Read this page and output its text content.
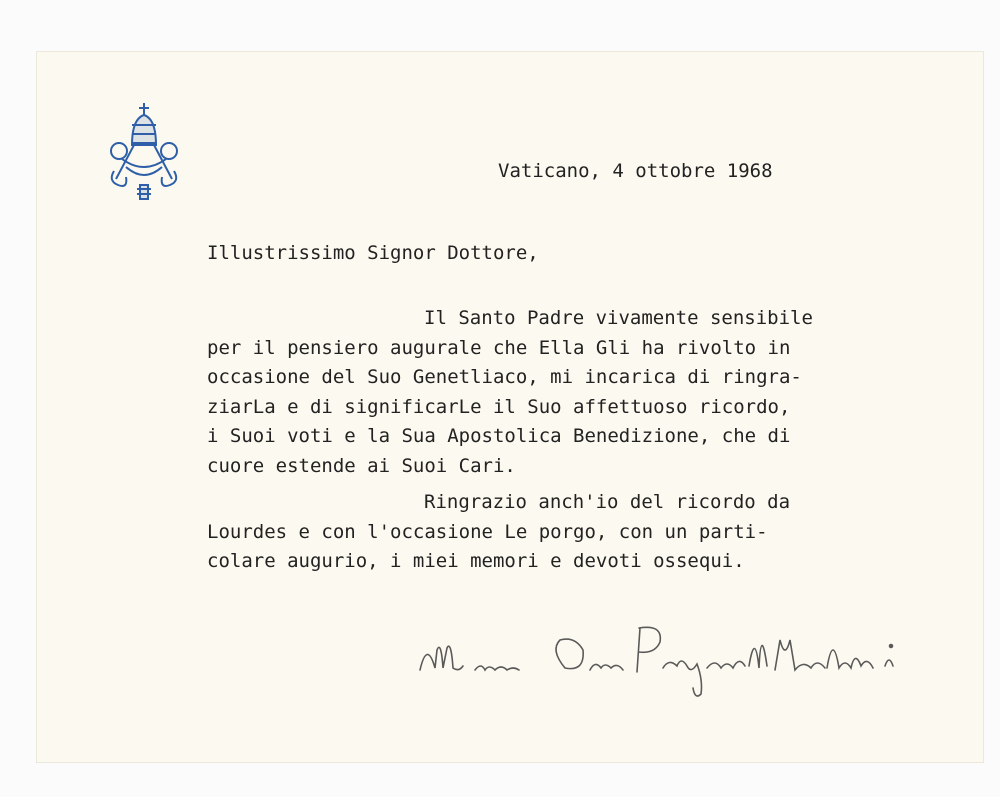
Vaticano, 4 ottobre 1968
Illustrissimo Signor Dottore,
Il Santo Padre vivamente sensibile
per il pensiero augurale che Ella Gli ha rivolto in
occasione del Suo Genetliaco, mi incarica di ringra-
ziarLa e di significarLe il Suo affettuoso ricordo,
i Suoi voti e la Sua Apostolica Benedizione, che di
cuore estende ai Suoi Cari.
Ringrazio anch'io del ricordo da
Lourdes e con l'occasione Le porgo, con un parti-
colare augurio, i miei memori e devoti ossequi.
